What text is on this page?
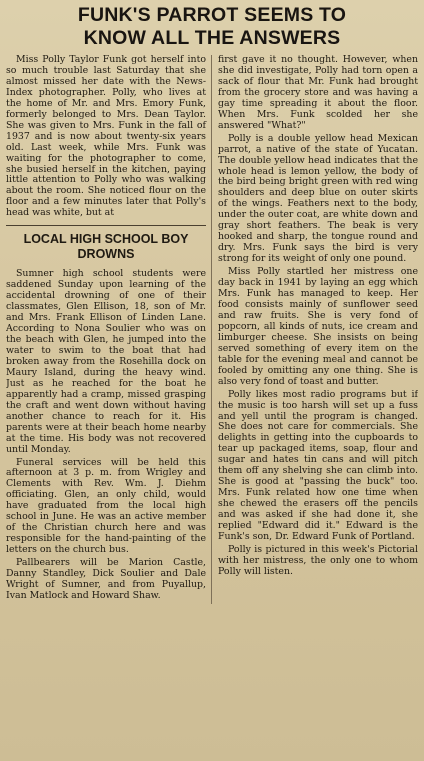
FUNK'S PARROT SEEMS TO
KNOW ALL THE ANSWERS

Miss Polly Taylor Funk got herself into so much trouble last Saturday that she almost missed her date with the News-Index photographer. Polly, who lives at the home of Mr. and Mrs. Emory Funk, formerly belonged to Mrs. Dean Taylor. She was given to Mrs. Funk in the fall of 1937 and is now about twenty-six years old. Last week, while Mrs. Funk was waiting for the photographer to come, she busied herself in the kitchen, paying little attention to Polly who was walking about the room. She noticed flour on the floor and a few minutes later that Polly's head was white, but at

LOCAL HIGH SCHOOL BOY
DROWNS

Sumner high school students were saddened Sunday upon learning of the accidental drowning of one of their classmates, Glen Ellison, 18, son of Mr. and Mrs. Frank Ellison of Linden Lane. According to Nona Soulier who was on the beach with Glen, he jumped into the water to swim to the boat that had broken away from the Rosehilla dock on Maury Island, during the heavy wind. Just as he reached for the boat he apparently had a cramp, missed grasping the craft and went down without having another chance to reach for it. His parents were at their beach home nearby at the time. His body was not recovered until Monday.

Funeral services will be held this afternoon at 3 p. m. from Wrigley and Clements with Rev. Wm. J. Diehm officiating. Glen, an only child, would have graduated from the local high school in June. He was an active member of the Christian church here and was responsible for the hand-painting of the letters on the church bus.

Pallbearers will be Marion Castle, Danny Standley, Dick Soulier and Dale Wright of Sumner, and from Puyallup, Ivan Matlock and Howard Shaw.

first gave it no thought. However, when she did investigate, Polly had torn open a sack of flour that Mr. Funk had brought from the grocery store and was having a gay time spreading it about the floor. When Mrs. Funk scolded her she answered "What?"

Polly is a double yellow head Mexican parrot, a native of the state of Yucatan. The double yellow head indicates that the whole head is lemon yellow, the body of the bird being bright green with red wing shoulders and deep blue on outer skirts of the wings. Feathers next to the body, under the outer coat, are white down and gray short feathers. The beak is very hooked and sharp, the tongue round and dry. Mrs. Funk says the bird is very strong for its weight of only one pound.

Miss Polly startled her mistress one day back in 1941 by laying an egg which Mrs. Funk has managed to keep. Her food consists mainly of sunflower seed and raw fruits. She is very fond of popcorn, all kinds of nuts, ice cream and limburger cheese. She insists on being served something of every item on the table for the evening meal and cannot be fooled by omitting any one thing. She is also very fond of toast and butter.

Polly likes most radio programs but if the music is too harsh will set up a fuss and yell until the program is changed. She does not care for commercials. She delights in getting into the cupboards to tear up packaged items, soap, flour and sugar and hates tin cans and will pitch them off any shelving she can climb into. She is good at "passing the buck" too. Mrs. Funk related how one time when she chewed the erasers off the pencils and was asked if she had done it, she replied "Edward did it." Edward is the Funk's son, Dr. Edward Funk of Portland.

Polly is pictured in this week's Pictorial with her mistress, the only one to whom Polly will listen.
